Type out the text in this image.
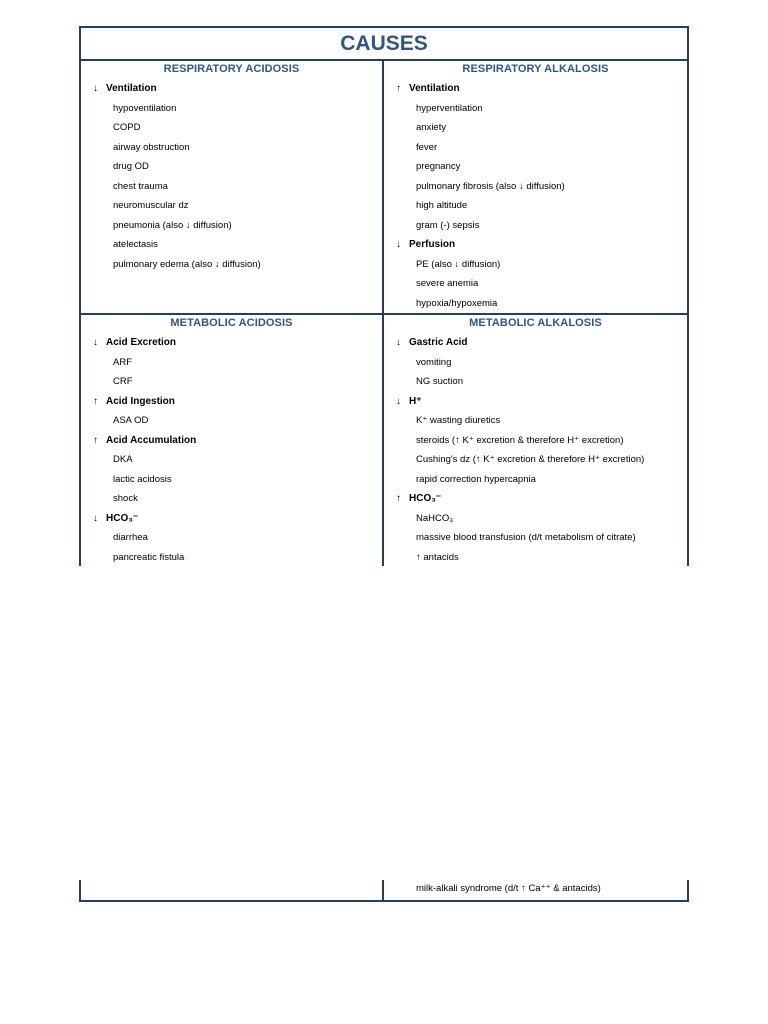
CAUSES
RESPIRATORY ACIDOSIS
↓ Ventilation
hypoventilation
COPD
airway obstruction
drug OD
chest trauma
neuromuscular dz
pneumonia (also ↓ diffusion)
atelectasis
pulmonary edema (also ↓ diffusion)
RESPIRATORY ALKALOSIS
↑ Ventilation
hyperventilation
anxiety
fever
pregnancy
pulmonary fibrosis (also ↓ diffusion)
high altitude
gram (-) sepsis
↓ Perfusion
PE (also ↓ diffusion)
severe anemia
hypoxia/hypoxemia
METABOLIC ACIDOSIS
↓ Acid Excretion
ARF
CRF
↑ Acid Ingestion
ASA OD
↑ Acid Accumulation
DKA
lactic acidosis
shock
↓ HCO₃⁻
diarrhea
pancreatic fistula
METABOLIC ALKALOSIS
↓ Gastric Acid
vomiting
NG suction
↓ H⁺
K⁺ wasting diuretics
steroids (↑ K⁺ excretion & therefore H⁺ excretion)
Cushing's dz (↑ K⁺ excretion & therefore H⁺ excretion)
rapid correction hypercapnia
↑ HCO₃⁻
NaHCO₃
massive blood transfusion (d/t metabolism of citrate)
↑ antacids
milk-alkali syndrome (d/t ↑ Ca⁺⁺ & antacids)
